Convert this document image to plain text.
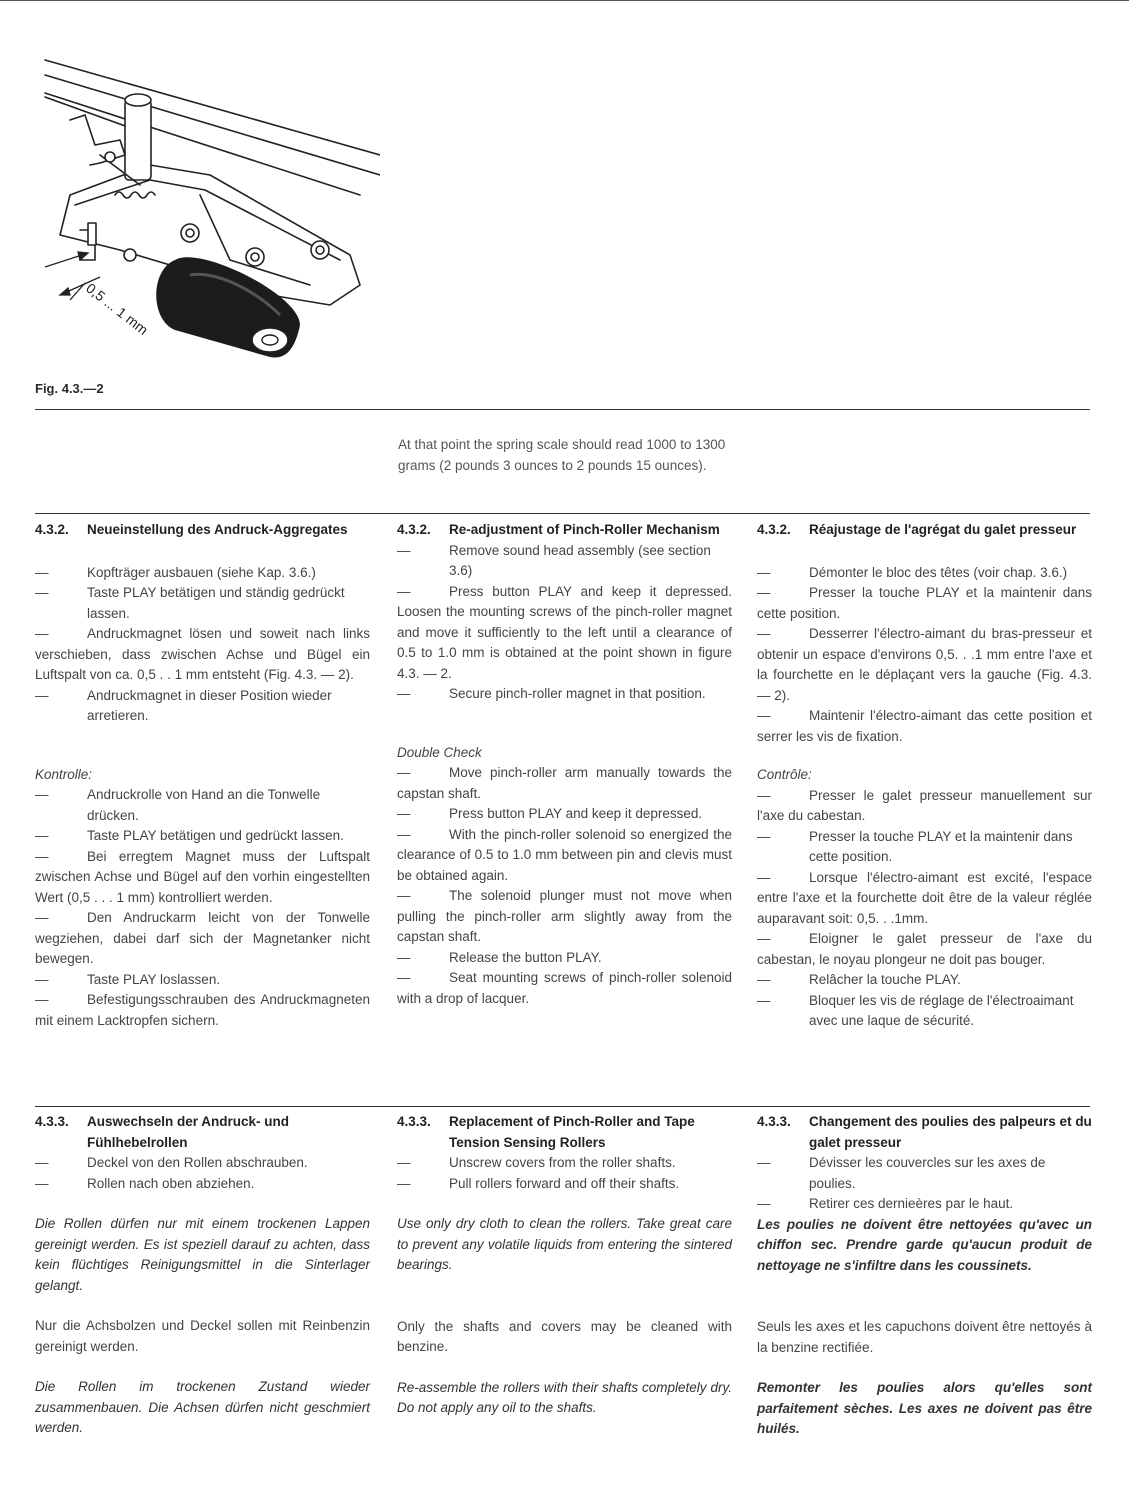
0,5 ... 1 mm
Fig. 4.3.—2

At that point the spring scale should read 1000 to 1300 grams (2 pounds 3 ounces to 2 pounds 15 ounces).

4.3.2.	Neueinstellung des Andruck-Aggregates

— Kopfträger ausbauen (siehe Kap. 3.6.)

— Taste PLAY betätigen und ständig gedrückt lassen.

— Andruckmagnet lösen und soweit nach links verschieben, dass zwischen Achse und Bügel ein Luftspalt von ca. 0,5 . . 1 mm entsteht (Fig. 4.3. — 2).

— Andruckmagnet in dieser Position wieder arretieren.

Kontrolle:

— Andruckrolle von Hand an die Tonwelle drücken.

— Taste PLAY betätigen und gedrückt lassen.

— Bei erregtem Magnet muss der Luftspalt zwischen Achse und Bügel auf den vorhin eingestellten Wert (0,5 . . . 1 mm) kontrolliert werden.

— Den Andruckarm leicht von der Tonwelle wegziehen, dabei darf sich der Magnetanker nicht bewegen.

— Taste PLAY loslassen.

— Befestigungsschrauben des Andruckmagneten mit einem Lacktropfen sichern.

4.3.2.	Re-adjustment of Pinch-Roller Mechanism

— Remove sound head assembly (see section 3.6)

— Press button PLAY and keep it depressed. Loosen the mounting screws of the pinch-roller magnet and move it sufficiently to the left until a clearance of 0.5 to 1.0 mm is obtained at the point shown in figure 4.3. — 2.

— Secure pinch-roller magnet in that position.

Double Check

— Move pinch-roller arm manually towards the capstan shaft.

— Press button PLAY and keep it depressed.

— With the pinch-roller solenoid so energized the clearance of 0.5 to 1.0 mm between pin and clevis must be obtained again.

— The solenoid plunger must not move when pulling the pinch-roller arm slightly away from the capstan shaft.

— Release the button PLAY.

— Seat mounting screws of pinch-roller solenoid with a drop of lacquer.

4.3.2.	Réajustage de l'agrégat du galet presseur

— Démonter le bloc des têtes (voir chap. 3.6.)

— Presser la touche PLAY et la maintenir dans cette position.

— Desserrer l'électro-aimant du bras-presseur et obtenir un espace d'environs 0,5. . .1 mm entre l'axe et la fourchette en le déplaçant vers la gauche (Fig. 4.3. — 2).

— Maintenir l'électro-aimant das cette position et serrer les vis de fixation.

Contrôle:

— Presser le galet presseur manuellement sur l'axe du cabestan.

— Presser la touche PLAY et la maintenir dans cette position.

— Lorsque l'électro-aimant est excité, l'espace entre l'axe et la fourchette doit être de la valeur réglée auparavant soit: 0,5. . .1mm.

— Eloigner le galet presseur de l'axe du cabestan, le noyau plongeur ne doit pas bouger.

— Relâcher la touche PLAY.

— Bloquer les vis de réglage de l'électroaimant avec une laque de sécurité.

4.3.3.	Auswechseln der Andruck- und Fühlhebelrollen

— Deckel von den Rollen abschrauben.

— Rollen nach oben abziehen.

Die Rollen dürfen nur mit einem trockenen Lappen gereinigt werden. Es ist speziell darauf zu achten, dass kein flüchtiges Reinigungsmittel in die Sinterlager gelangt.

Nur die Achsbolzen und Deckel sollen mit Reinbenzin gereinigt werden.

Die Rollen im trockenen Zustand wieder zusammenbauen. Die Achsen dürfen nicht geschmiert werden.

4.3.3.	Replacement of Pinch-Roller and Tape Tension Sensing Rollers

— Unscrew covers from the roller shafts.

— Pull rollers forward and off their shafts.

Use only dry cloth to clean the rollers. Take great care to prevent any volatile liquids from entering the sintered bearings.

Only the shafts and covers may be cleaned with benzine.

Re-assemble the rollers with their shafts completely dry. Do not apply any oil to the shafts.

4.3.3.	Changement des poulies des palpeurs et du galet presseur

— Dévisser les couvercles sur les axes de poulies.

— Retirer ces dernieères par le haut.

Les poulies ne doivent être nettoyées qu'avec un chiffon sec. Prendre garde qu'aucun produit de nettoyage ne s'infiltre dans les coussinets.

Seuls les axes et les capuchons doivent être nettoyés à la benzine rectifiée.

Remonter les poulies alors qu'elles sont parfaitement sèches. Les axes ne doivent pas être huilés.
